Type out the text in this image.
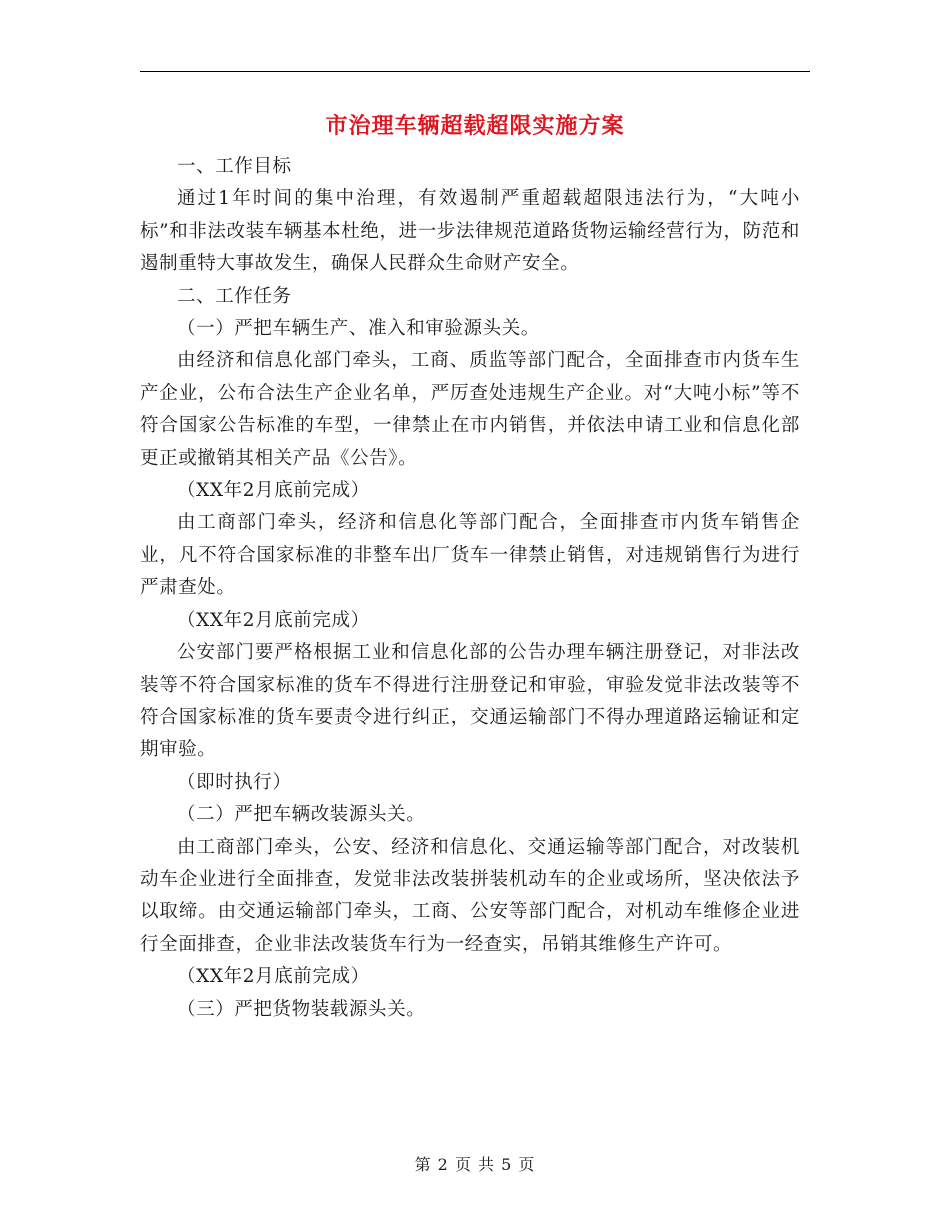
市治理车辆超载超限实施方案

一、工作目标

通过1年时间的集中治理，有效遏制严重超载超限违法行为，“大吨小标”和非法改装车辆基本杜绝，进一步法律规范道路货物运输经营行为，防范和遏制重特大事故发生，确保人民群众生命财产安全。

二、工作任务

（一）严把车辆生产、准入和审验源头关。

由经济和信息化部门牵头，工商、质监等部门配合，全面排查市内货车生产企业，公布合法生产企业名单，严厉查处违规生产企业。对“大吨小标”等不符合国家公告标准的车型，一律禁止在市内销售，并依法申请工业和信息化部更正或撤销其相关产品《公告》。

（XX年2月底前完成）

由工商部门牵头，经济和信息化等部门配合，全面排查市内货车销售企业，凡不符合国家标准的非整车出厂货车一律禁止销售，对违规销售行为进行严肃查处。

（XX年2月底前完成）

公安部门要严格根据工业和信息化部的公告办理车辆注册登记，对非法改装等不符合国家标准的货车不得进行注册登记和审验，审验发觉非法改装等不符合国家标准的货车要责令进行纠正，交通运输部门不得办理道路运输证和定期审验。

（即时执行）

（二）严把车辆改装源头关。

由工商部门牵头，公安、经济和信息化、交通运输等部门配合，对改装机动车企业进行全面排查，发觉非法改装拼装机动车的企业或场所，坚决依法予以取缔。由交通运输部门牵头，工商、公安等部门配合，对机动车维修企业进行全面排查，企业非法改装货车行为一经查实，吊销其维修生产许可。

（XX年2月底前完成）

（三）严把货物装载源头关。

第 2 页 共 5 页
